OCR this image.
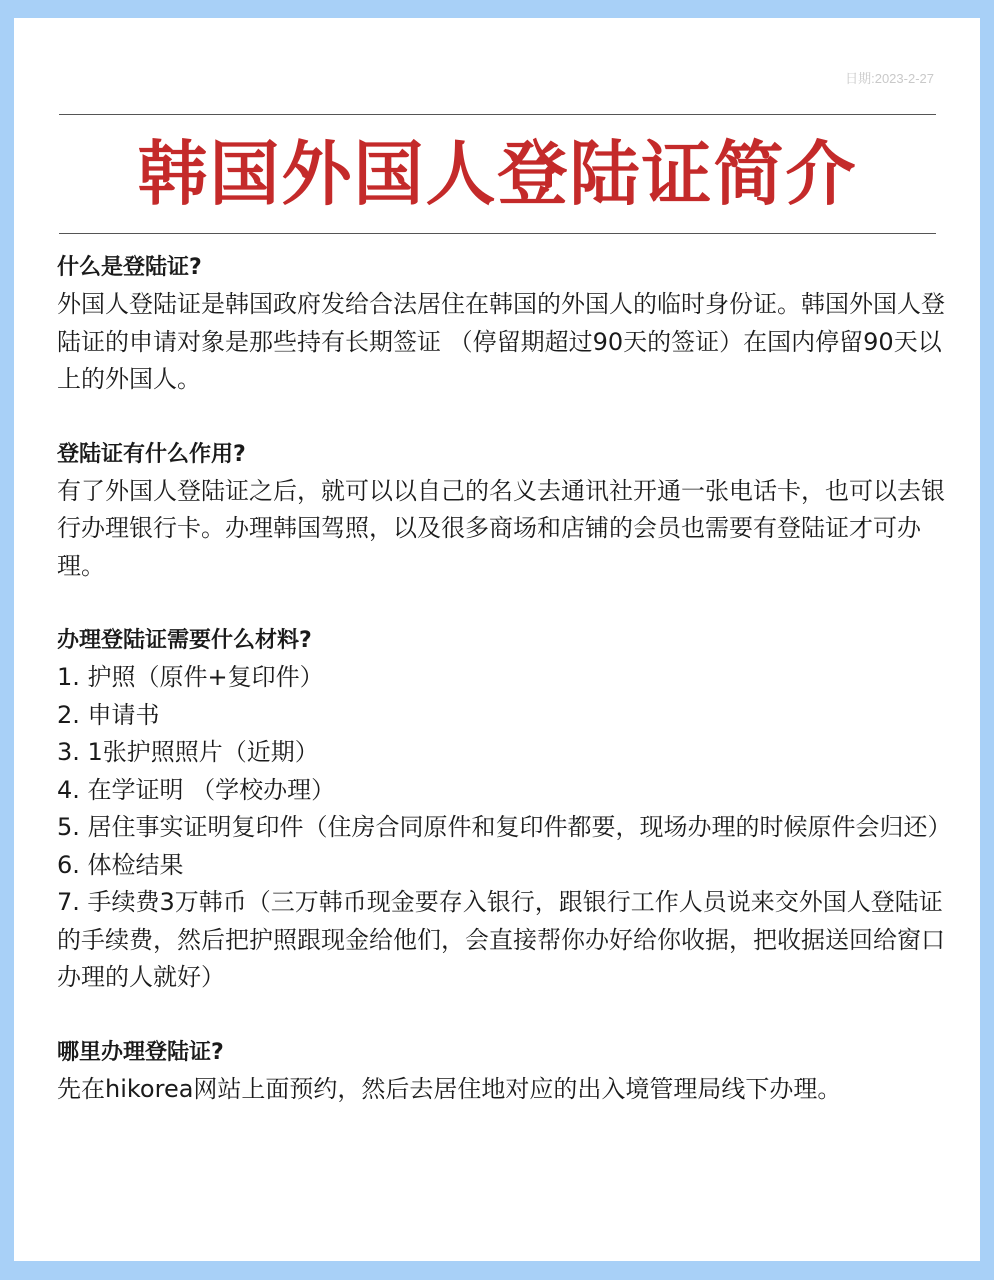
日期:2023-2-27
韩国外国人登陆证简介

什么是登陆证?

外国人登陆证是韩国政府发给合法居住在韩国的外国人的临时身份证。韩国外国人登陆证的申请对象是那些持有长期签证 （停留期超过90天的签证）在国内停留90天以上的外国人。

登陆证有什么作用?

有了外国人登陆证之后，就可以以自己的名义去通讯社开通一张电话卡，也可以去银行办理银行卡。办理韩国驾照，以及很多商场和店铺的会员也需要有登陆证才可办理。

办理登陆证需要什么材料?

1. 护照（原件+复印件）
2. 申请书
3. 1张护照照片（近期）
4. 在学证明 （学校办理）
5. 居住事实证明复印件（住房合同原件和复印件都要，现场办理的时候原件会归还）
6. 体检结果
7. 手续费3万韩币（三万韩币现金要存入银行，跟银行工作人员说来交外国人登陆证的手续费，然后把护照跟现金给他们，会直接帮你办好给你收据，把收据送回给窗口办理的人就好）

哪里办理登陆证?

先在hikorea网站上面预约，然后去居住地对应的出入境管理局线下办理。
